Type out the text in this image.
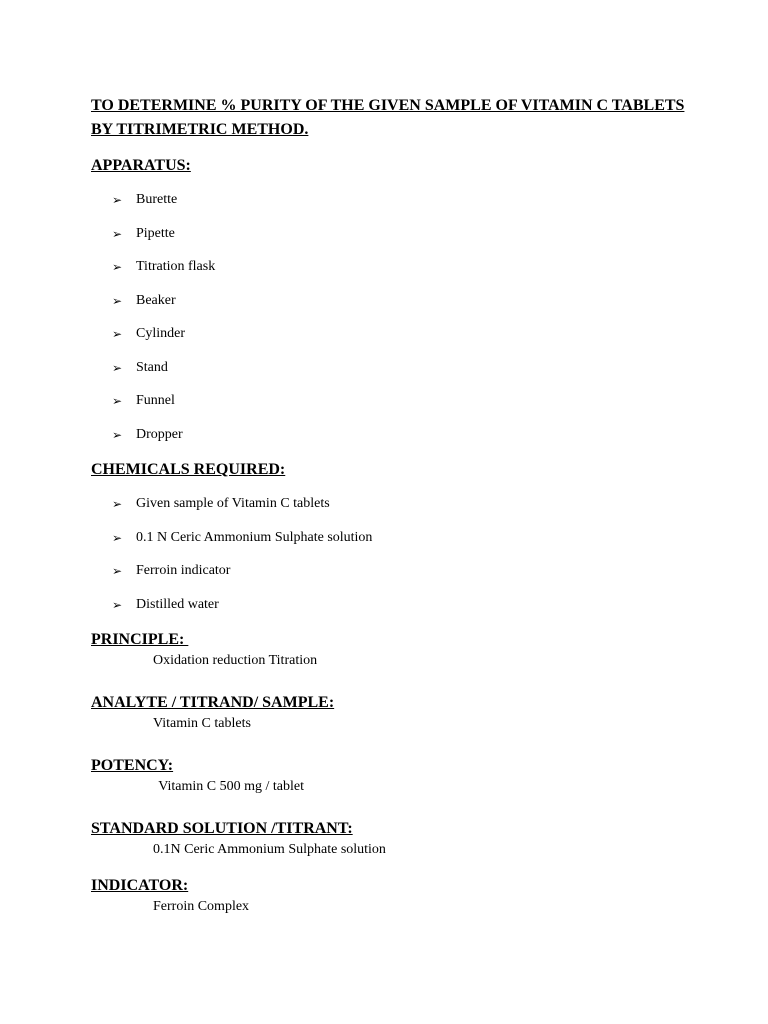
TO DETERMINE % PURITY OF THE GIVEN SAMPLE OF VITAMIN C TABLETS BY TITRIMETRIC METHOD.
APPARATUS:
➢ Burette
➢ Pipette
➢ Titration flask
➢ Beaker
➢ Cylinder
➢ Stand
➢ Funnel
➢ Dropper
CHEMICALS REQUIRED:
➢ Given sample of Vitamin C tablets
➢ 0.1 N Ceric Ammonium Sulphate solution
➢ Ferroin indicator
➢ Distilled water
PRINCIPLE:

Oxidation reduction Titration

ANALYTE / TITRAND/ SAMPLE:

Vitamin C tablets

POTENCY:

Vitamin C 500 mg / tablet

STANDARD SOLUTION /TITRANT:

0.1N Ceric Ammonium Sulphate solution

INDICATOR:

Ferroin Complex
